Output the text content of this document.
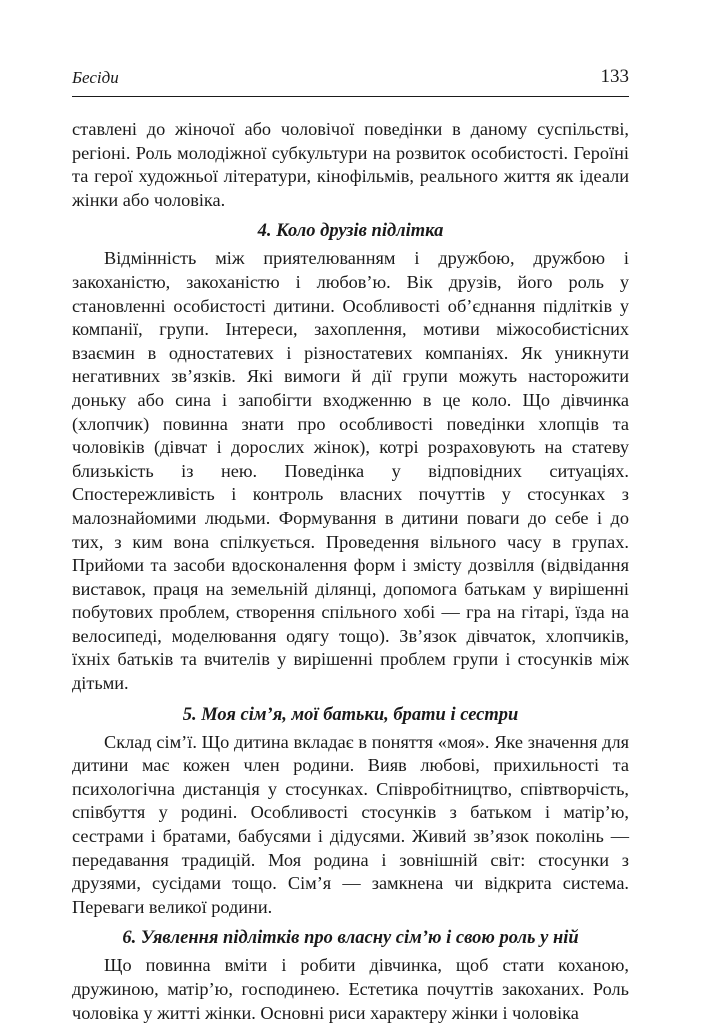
Бесіди	133

ставлені до жіночої або чоловічої поведінки в даному суспільстві, регіоні. Роль молодіжної субкультури на розвиток особистості. Героїні та герої художньої літератури, кінофільмів, реального життя як ідеали жінки або чоловіка.

4. Коло друзів підлітка

Відмінність між приятелюванням і дружбою, дружбою і закоханістю, закоханістю і любов’ю. Вік друзів, його роль у становленні особистості дитини. Особливості об’єднання підлітків у компанії, групи. Інтереси, захоплення, мотиви міжособистісних взаємин в одностатевих і різностатевих компаніях. Як уникнути негативних зв’язків. Які вимоги й дії групи можуть насторожити доньку або сина і запобігти входженню в це коло. Що дівчинка (хлопчик) повинна знати про особливості поведінки хлопців та чоловіків (дівчат і дорослих жінок), котрі розраховують на статеву близькість із нею. Поведінка у відповідних ситуаціях. Спостережливість і контроль власних почуттів у стосунках з малознайомими людьми. Формування в дитини поваги до себе і до тих, з ким вона спілкується. Проведення вільного часу в групах. Прийоми та засоби вдосконалення форм і змісту дозвілля (відвідання виставок, праця на земельній ділянці, допомога батькам у вирішенні побутових проблем, створення спільного хобі — гра на гітарі, їзда на велосипеді, моделювання одягу тощо). Зв’язок дівчаток, хлопчиків, їхніх батьків та вчителів у вирішенні проблем групи і стосунків між дітьми.

5. Моя сім’я, мої батьки, брати і сестри

Склад сім’ї. Що дитина вкладає в поняття «моя». Яке значення для дитини має кожен член родини. Вияв любові, прихильності та психологічна дистанція у стосунках. Співробітництво, співтворчість, співбуття у родині. Особливості стосунків з батьком і матір’ю, сестрами і братами, бабусями і дідусями. Живий зв’язок поколінь — передавання традицій. Моя родина і зовнішній світ: стосунки з друзями, сусідами тощо. Сім’я — замкнена чи відкрита система. Переваги великої родини.

6. Уявлення підлітків про власну сім’ю і свою роль у ній

Що повинна вміти і робити дівчинка, щоб стати коханою, дружиною, матір’ю, господинею. Естетика почуттів закоханих. Роль чоловіка у житті жінки. Основні риси характеру жінки і чоловіка
